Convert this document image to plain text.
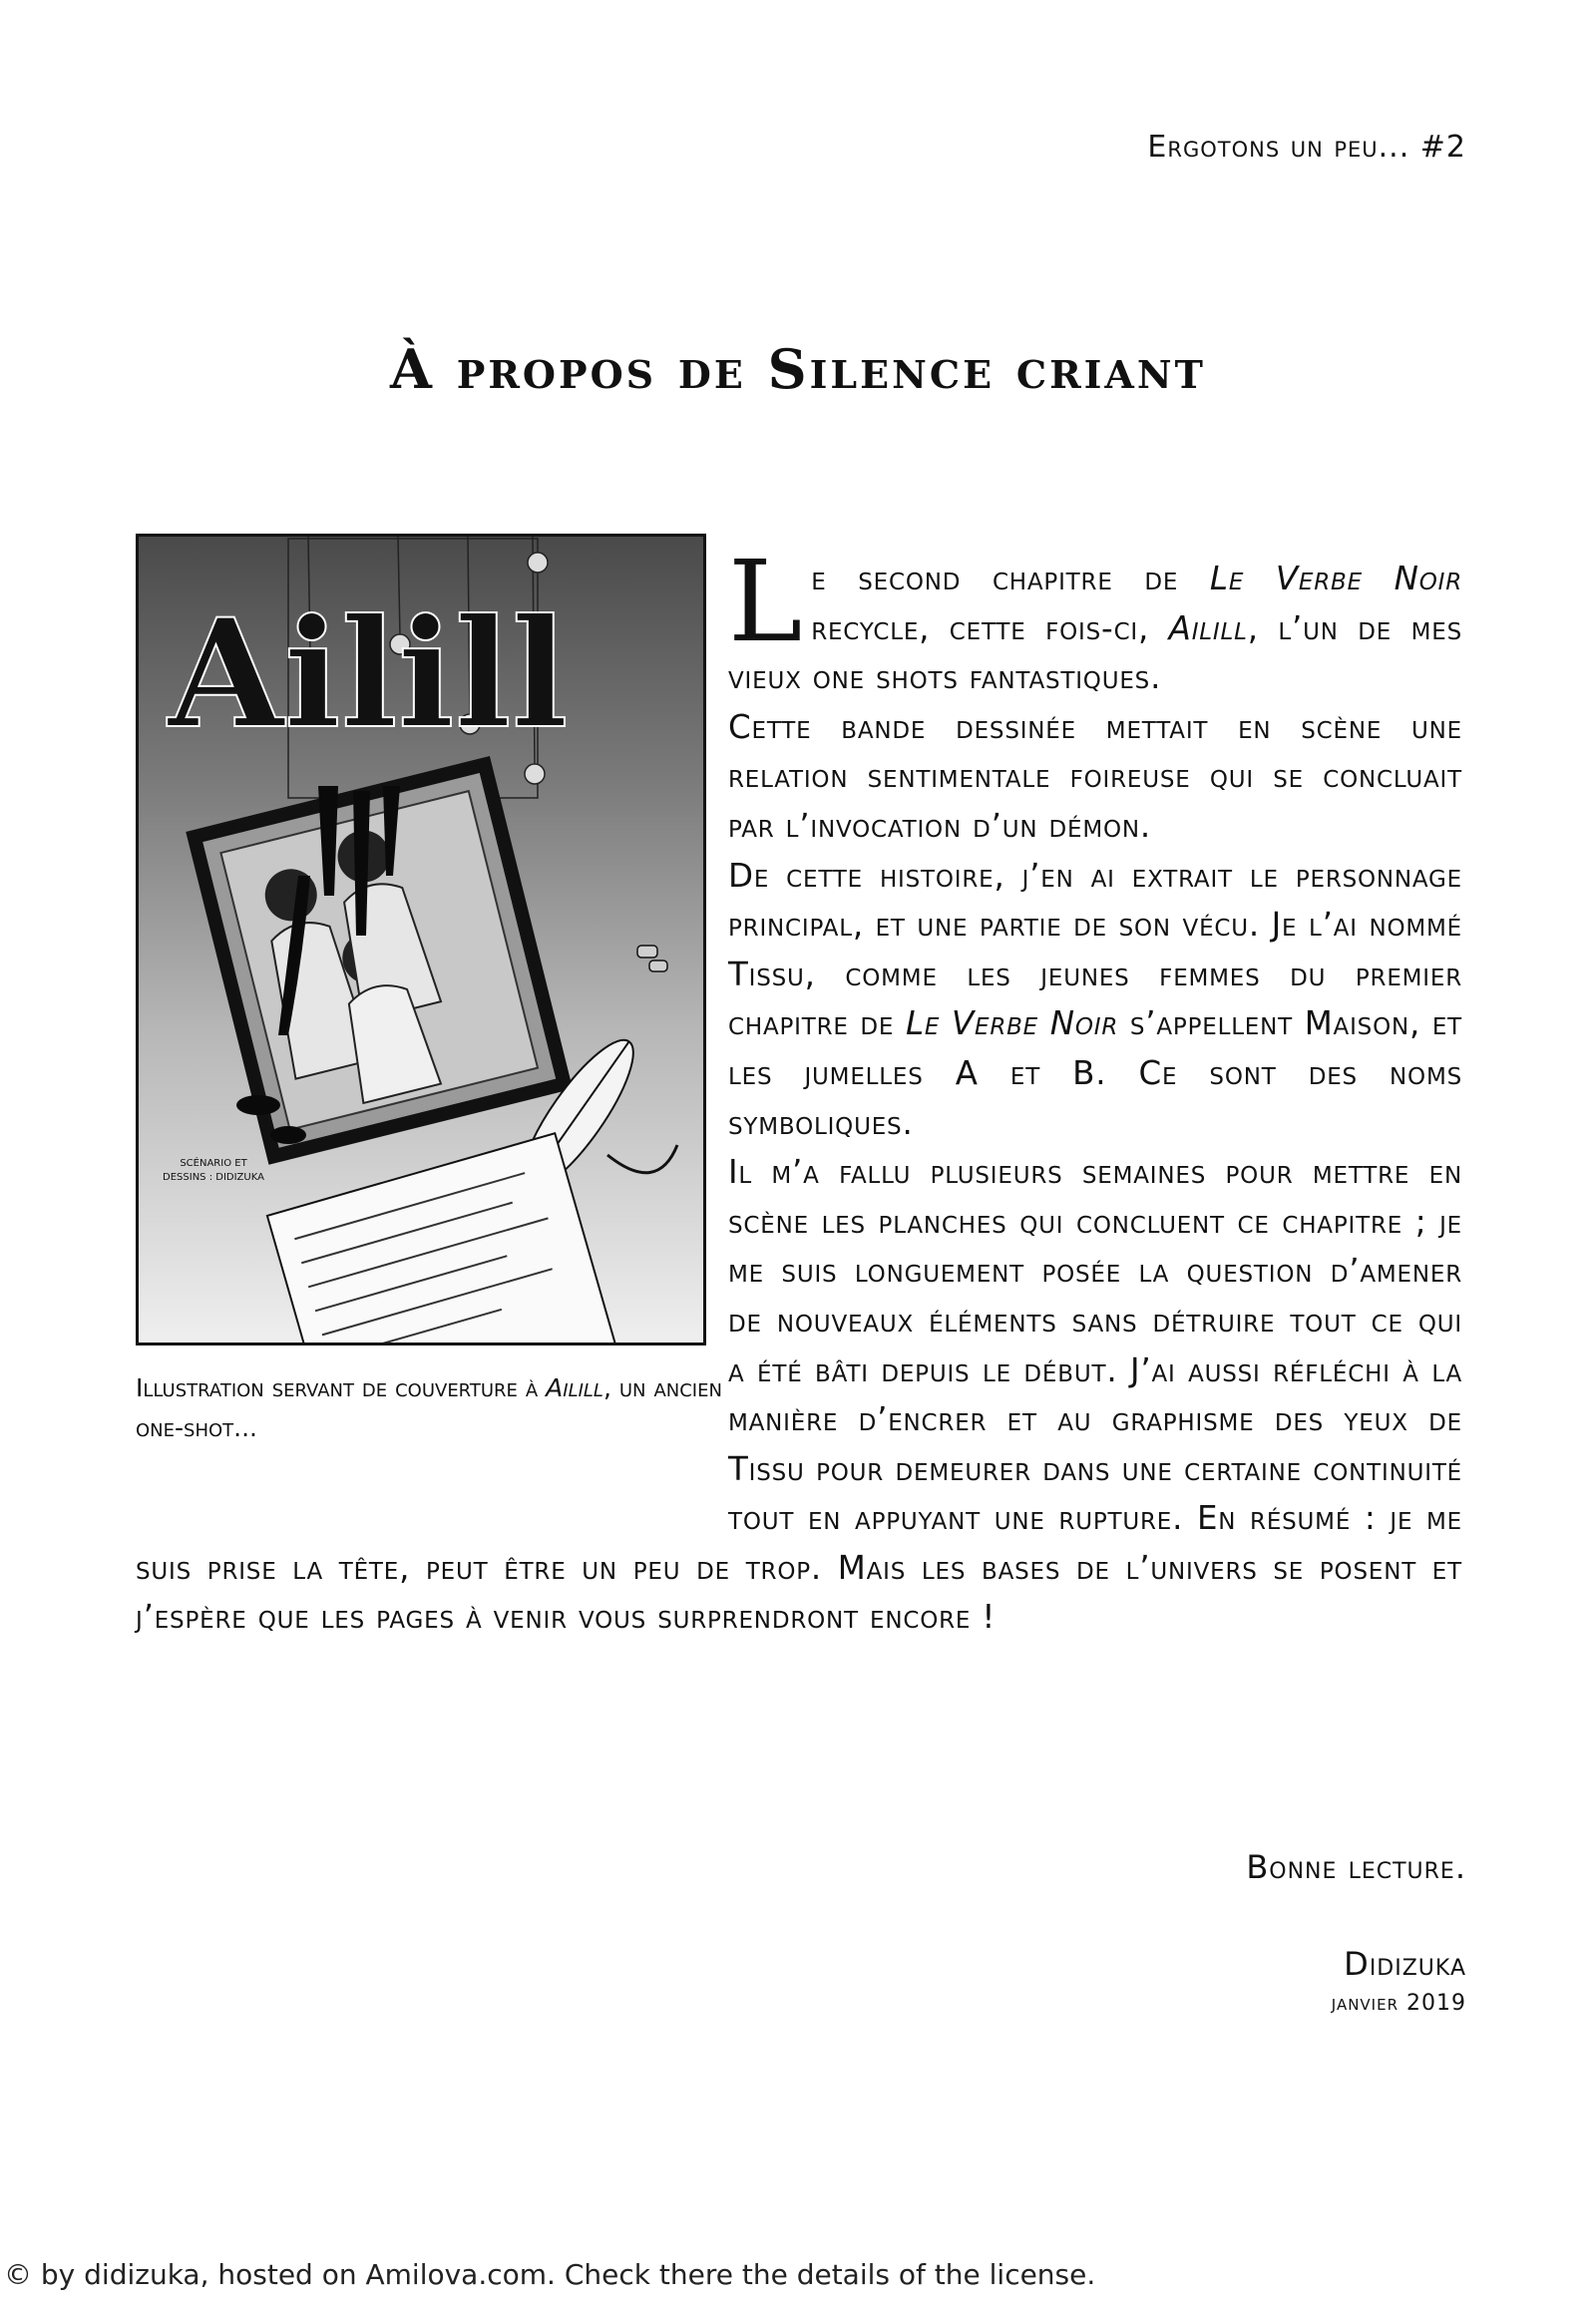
Ergotons un peu... #2
À propos de Silence criant
Ailill
SCÉNARIO ET DESSINS : DIDIZUKA
Illustration servant de couverture à Ailill, un ancien one-shot...

Le second chapitre de Le Verbe Noir recycle, cette fois-ci, Ailill, l’un de mes vieux one shots fantastiques.

Cette bande dessinée mettait en scène une relation sentimentale foireuse qui se concluait par l’invocation d’un démon.

De cette histoire, j’en ai extrait le personnage principal, et une partie de son vécu. Je l’ai nommé Tissu, comme les jeunes femmes du premier chapitre de Le Verbe Noir s’appellent Maison, et les jumelles A et B. Ce sont des noms symboliques.

Il m’a fallu plusieurs semaines pour mettre en scène les planches qui concluent ce chapitre ; je me suis longuement posée la question d’amener de nouveaux éléments sans détruire tout ce qui a été bâti depuis le début. J’ai aussi réfléchi à la manière d’encrer et au graphisme des yeux de Tissu pour demeurer dans une certaine continuité tout en appuyant une rupture. En résumé : je me suis prise la tête, peut être un peu de trop. Mais les bases de l’univers se posent et j’espère que les pages à venir vous surprendront encore !

Bonne lecture.
Didizuka
janvier 2019
© by didizuka, hosted on Amilova.com. Check there the details of the license.
